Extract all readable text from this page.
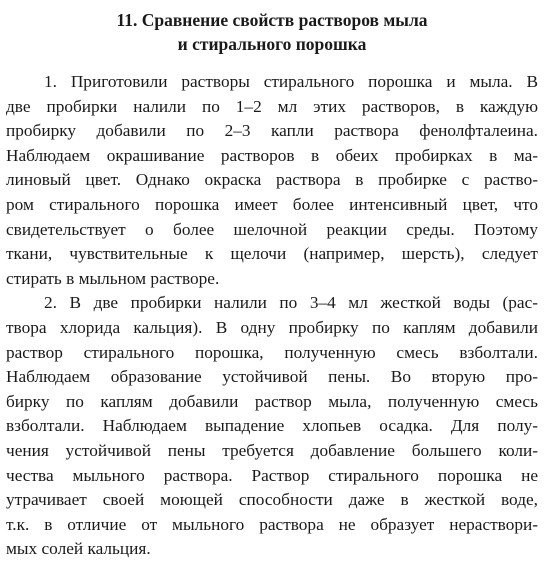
11. Сравнение свойств растворов мыла
и стирального порошка
1. Приготовили растворы стирального порошка и мыла. В
две пробирки налили по 1–2 мл этих растворов, в каждую
пробирку добавили по 2–3 капли раствора фенолфталеина.
Наблюдаем окрашивание растворов в обеих пробирках в ма-
линовый цвет. Однако окраска раствора в пробирке с раство-
ром стирального порошка имеет более интенсивный цвет, что
свидетельствует о более шелочной реакции среды. Поэтому
ткани, чувствительные к щелочи (например, шерсть), следует
стирать в мыльном растворе.
2. В две пробирки налили по 3–4 мл жесткой воды (рас-
твора хлорида кальция). В одну пробирку по каплям добавили
раствор стирального порошка, полученную смесь взболтали.
Наблюдаем образование устойчивой пены. Во вторую про-
бирку по каплям добавили раствор мыла, полученную смесь
взболтали. Наблюдаем выпадение хлопьев осадка. Для полу-
чения устойчивой пены требуется добавление большего коли-
чества мыльного раствора. Раствор стирального порошка не
утрачивает своей моющей способности даже в жесткой воде,
т.к. в отличие от мыльного раствора не образует нераствори-
мых солей кальция.
